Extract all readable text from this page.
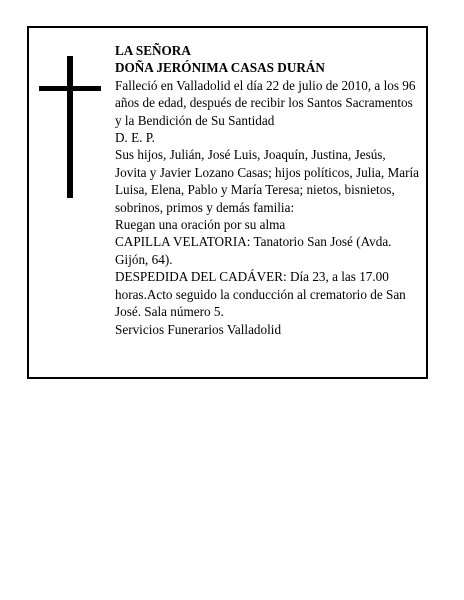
LA SEÑORA

DOÑA JERÓNIMA CASAS DURÁN

Falleció en Valladolid el día 22 de julio de 2010, a los 96 años de edad, después de recibir los Santos Sacramentos y la Bendición de Su Santidad

D. E. P.

Sus hijos, Julián, José Luis, Joaquín, Justina, Jesús, Jovita y Javier Lozano Casas; hijos políticos, Julia, María Luisa, Elena, Pablo y María Teresa; nietos, bisnietos, sobrinos, primos y demás familia:

Ruegan una oración por su alma

CAPILLA VELATORIA: Tanatorio San José (Avda. Gijón, 64).

DESPEDIDA DEL CADÁVER: Día 23, a las 17.00 horas.Acto seguido la conducción al crematorio de San José. Sala número 5.

Servicios Funerarios Valladolid
